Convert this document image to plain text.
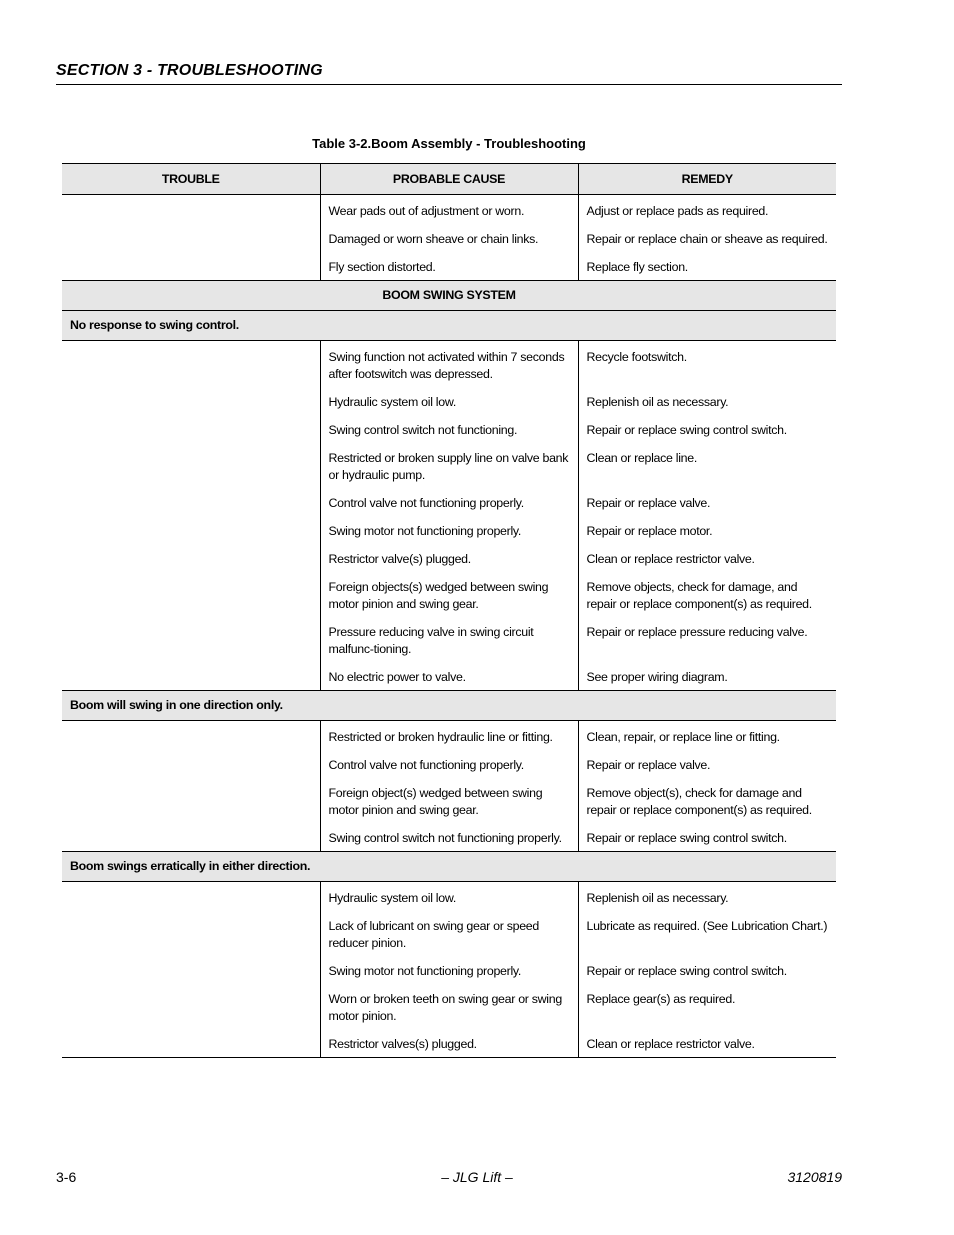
SECTION 3 - TROUBLESHOOTING
Table 3-2.Boom Assembly - Troubleshooting
TROUBLE	PROBABLE CAUSE	REMEDY
	Wear pads out of adjustment or worn.	Adjust or replace pads as required.
	Damaged or worn sheave or chain links.	Repair or replace chain or sheave as required.
	Fly section distorted.	Replace fly section.
BOOM SWING SYSTEM		
No response to swing control.		
	Swing function not activated within 7 seconds after footswitch was depressed.	Recycle footswitch.
	Hydraulic system oil low.	Replenish oil as necessary.
	Swing control switch not functioning.	Repair or replace swing control switch.
	Restricted or broken supply line on valve bank or hydraulic pump.	Clean or replace line.
	Control valve not functioning properly.	Repair or replace valve.
	Swing motor not functioning properly.	Repair or replace motor.
	Restrictor valve(s) plugged.	Clean or replace restrictor valve.
	Foreign objects(s) wedged between swing motor pinion and swing gear.	Remove objects, check for damage, and repair or replace component(s) as required.
	Pressure reducing valve in swing circuit malfunc-tioning.	Repair or replace pressure reducing valve.
	No electric power to valve.	See proper wiring diagram.
Boom will swing in one direction only.		
	Restricted or broken hydraulic line or fitting.	Clean, repair, or replace line or fitting.
	Control valve not functioning properly.	Repair or replace valve.
	Foreign object(s) wedged between swing motor pinion and swing gear.	Remove object(s), check for damage and repair or replace component(s) as required.
	Swing control switch not functioning properly.	Repair or replace swing control switch.
Boom swings erratically in either direction.		
	Hydraulic system oil low.	Replenish oil as necessary.
	Lack of lubricant on swing gear or speed reducer pinion.	Lubricate as required. (See Lubrication Chart.)
	Swing motor not functioning properly.	Repair or replace swing control switch.
	Worn or broken teeth on swing gear or swing motor pinion.	Replace gear(s) as required.
	Restrictor valves(s) plugged.	Clean or replace restrictor valve.
3-6	– JLG Lift –	3120819
